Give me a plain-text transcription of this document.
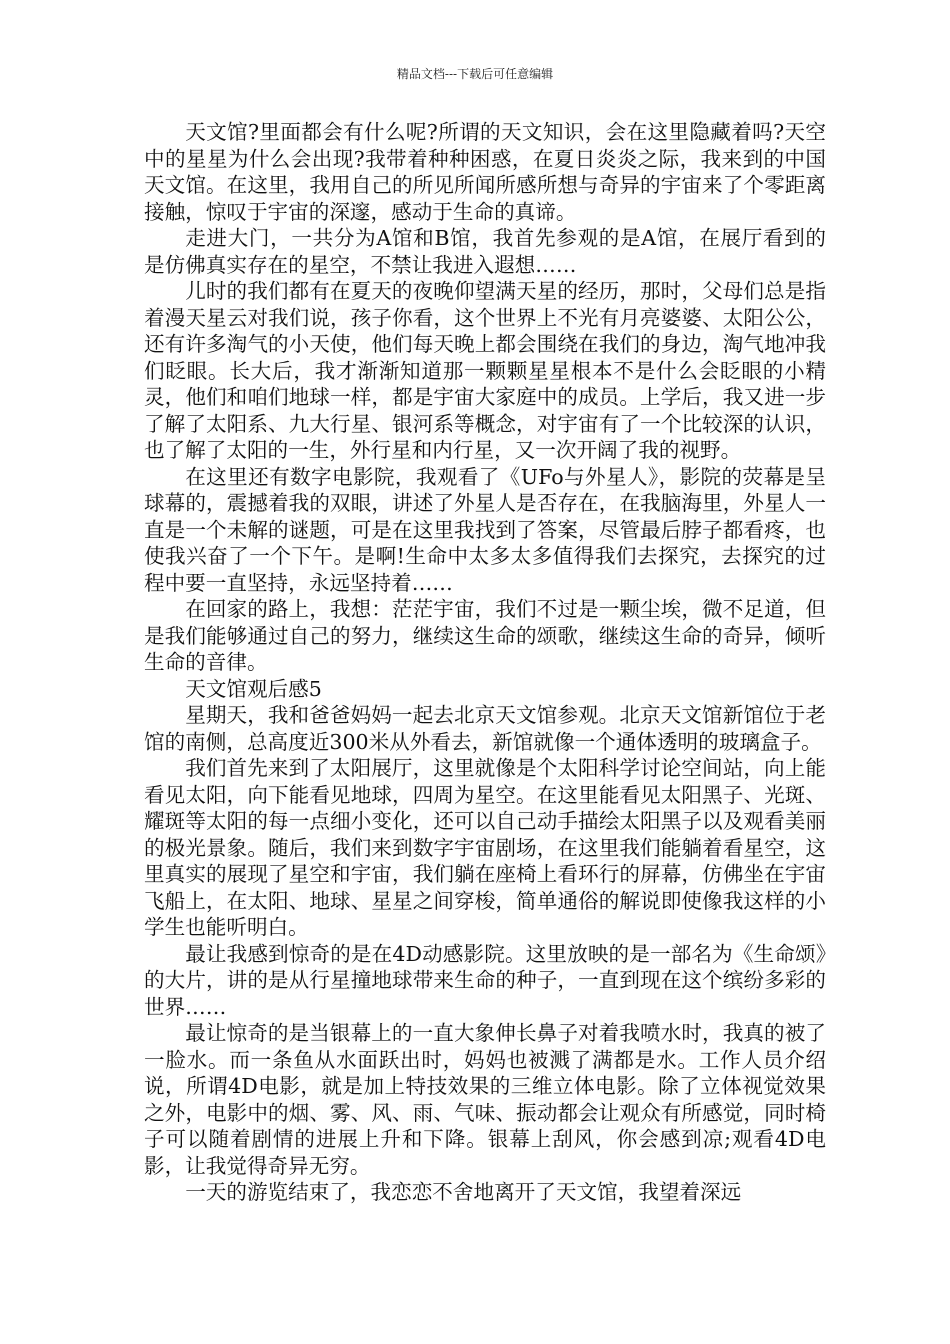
精品文档---下载后可任意编辑

天文馆?里面都会有什么呢?所谓的天文知识，会在这里隐藏着吗?天空中的星星为什么会出现?我带着种种困惑，在夏日炎炎之际，我来到的中国天文馆。在这里，我用自己的所见所闻所感所想与奇异的宇宙来了个零距离接触，惊叹于宇宙的深邃，感动于生命的真谛。

走进大门，一共分为A馆和B馆，我首先参观的是A馆，在展厅看到的是仿佛真实存在的星空，不禁让我进入遐想……

儿时的我们都有在夏天的夜晚仰望满天星的经历，那时，父母们总是指着漫天星云对我们说，孩子你看，这个世界上不光有月亮婆婆、太阳公公，还有许多淘气的小天使，他们每天晚上都会围绕在我们的身边，淘气地冲我们眨眼。长大后，我才渐渐知道那一颗颗星星根本不是什么会眨眼的小精灵，他们和咱们地球一样，都是宇宙大家庭中的成员。上学后，我又进一步了解了太阳系、九大行星、银河系等概念，对宇宙有了一个比较深的认识，也了解了太阳的一生，外行星和内行星，又一次开阔了我的视野。

在这里还有数字电影院，我观看了《UFo与外星人》，影院的荧幕是呈球幕的，震撼着我的双眼，讲述了外星人是否存在，在我脑海里，外星人一直是一个未解的谜题，可是在这里我找到了答案，尽管最后脖子都看疼，也使我兴奋了一个下午。是啊!生命中太多太多值得我们去探究，去探究的过程中要一直坚持，永远坚持着……

在回家的路上，我想：茫茫宇宙，我们不过是一颗尘埃，微不足道，但是我们能够通过自己的努力，继续这生命的颂歌，继续这生命的奇异，倾听生命的音律。

天文馆观后感5

星期天，我和爸爸妈妈一起去北京天文馆参观。北京天文馆新馆位于老馆的南侧，总高度近300米从外看去，新馆就像一个通体透明的玻璃盒子。

我们首先来到了太阳展厅，这里就像是个太阳科学讨论空间站，向上能看见太阳，向下能看见地球，四周为星空。在这里能看见太阳黑子、光斑、耀斑等太阳的每一点细小变化，还可以自己动手描绘太阳黑子以及观看美丽的极光景象。随后，我们来到数字宇宙剧场，在这里我们能躺着看星空，这里真实的展现了星空和宇宙，我们躺在座椅上看环行的屏幕，仿佛坐在宇宙飞船上，在太阳、地球、星星之间穿梭，简单通俗的解说即使像我这样的小学生也能听明白。

最让我感到惊奇的是在4D动感影院。这里放映的是一部名为《生命颂》的大片，讲的是从行星撞地球带来生命的种子，一直到现在这个缤纷多彩的世界……

最让惊奇的是当银幕上的一直大象伸长鼻子对着我喷水时，我真的被了一脸水。而一条鱼从水面跃出时，妈妈也被溅了满都是水。工作人员介绍说，所谓4D电影，就是加上特技效果的三维立体电影。除了立体视觉效果之外，电影中的烟、雾、风、雨、气味、振动都会让观众有所感觉，同时椅子可以随着剧情的进展上升和下降。银幕上刮风，你会感到凉;观看4D电影，让我觉得奇异无穷。

一天的游览结束了，我恋恋不舍地离开了天文馆，我望着深远
